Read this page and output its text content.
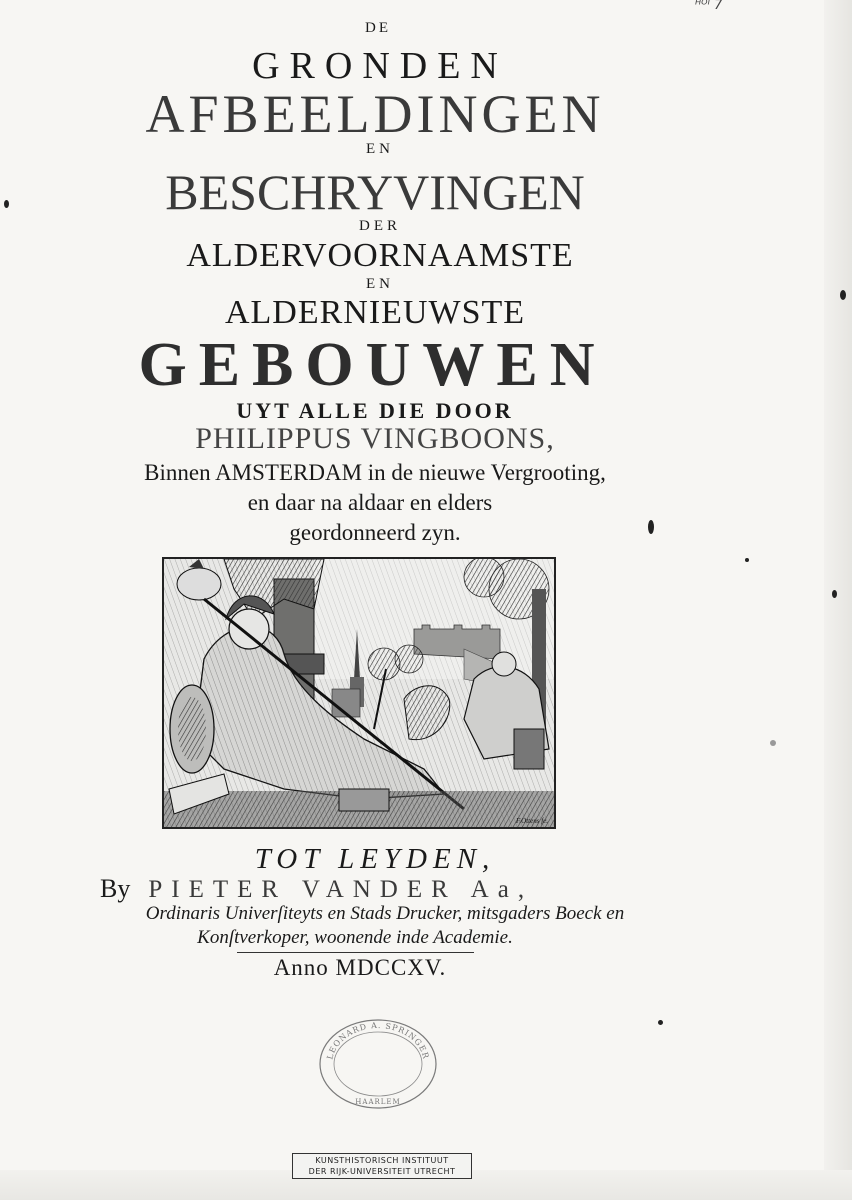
ᴴᴼᴵ 7
DE
GRONDEN
AFBEELDINGEN
EN
BESCHRYVINGEN
DER
ALDERVOORNAAMSTE
EN
ALDERNIEUWSTE
GEBOUWEN
UYT ALLE DIE DOOR
PHILIPPUS VINGBOONS,
Binnen AMSTERDAM in de nieuwe Vergrooting,
en daar na aldaar en elders
geordonneerd zyn.
F.Ottens fe.
TOT LEYDEN,
By PIETER VANDER Aa,
Ordinaris Univerſiteyts en Stads Drucker, mitsgaders Boeck en
Konſtverkoper, woonende inde Academie.
Anno MDCCXV.
LEONARD A. SPRINGER
HAARLEM
KUNSTHISTORISCH INSTITUUT
DER RIJK-UNIVERSITEIT UTRECHT
